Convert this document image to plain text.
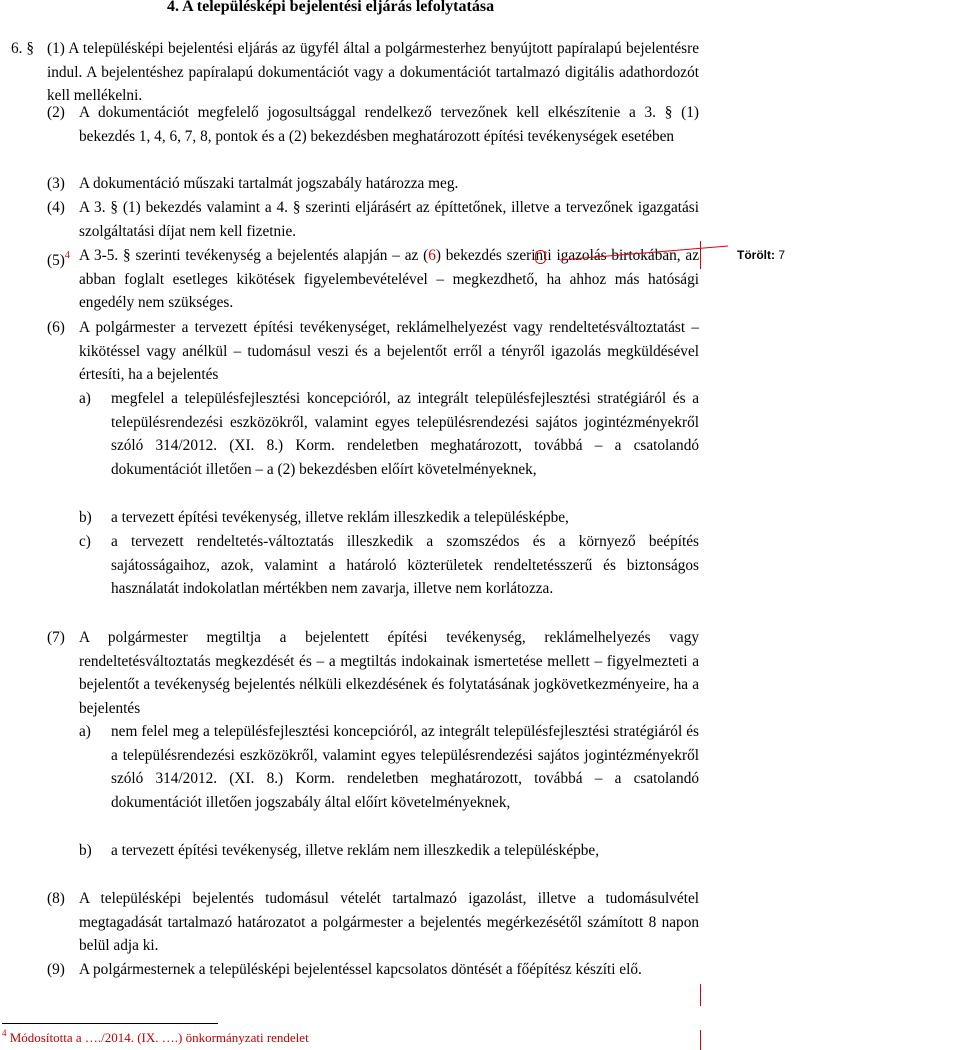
4. A településképi bejelentési eljárás lefolytatása
6. § (1) A településképi bejelentési eljárás az ügyfél által a polgármesterhez benyújtott papíralapú bejelentésre indul. A bejelentéshez papíralapú dokumentációt vagy a dokumentációt tartalmazó digitális adathordozót kell mellékelni.
(2) A dokumentációt megfelelő jogosultsággal rendelkező tervezőnek kell elkészítenie a 3. § (1) bekezdés 1, 4, 6, 7, 8, pontok és a (2) bekezdésben meghatározott építési tevékenységek esetében
(3) A dokumentáció műszaki tartalmát jogszabály határozza meg.
(4) A 3. § (1) bekezdés valamint a 4. § szerinti eljárásért az építtetőnek, illetve a tervezőnek igazgatási szolgáltatási díjat nem kell fizetnie.
$(5)^4$ A 3-5. § szerinti tevékenység a bejelentés alapján – az (6) bekezdés szerinti igazolás birtokában, az abban foglalt esetleges kikötések figyelembevételével – megkezdhető, ha ahhoz más hatósági engedély nem szükséges.
(6) A polgármester a tervezett építési tevékenységet, reklámelhelyezést vagy rendeltetésváltoztatást – kikötéssel vagy anélkül – tudomásul veszi és a bejelentőt erről a tényről igazolás megküldésével értesíti, ha a bejelentés
a) megfelel a településfejlesztési koncepcióról, az integrált településfejlesztési stratégiáról és a településrendezési eszközökről, valamint egyes településrendezési sajátos jogintézményekről szóló 314/2012. (XI. 8.) Korm. rendeletben meghatározott, továbbá – a csatolandó dokumentációt illetően – a (2) bekezdésben előírt követelményeknek,
b) a tervezett építési tevékenység, illetve reklám illeszkedik a településképbe,
c) a tervezett rendeltetés-változtatás illeszkedik a szomszédos és a környező beépítés sajátosságaihoz, azok, valamint a határoló közterületek rendeltetésszerű és biztonságos használatát indokolatlan mértékben nem zavarja, illetve nem korlátozza.
(7) A polgármester megtiltja a bejelentett építési tevékenység, reklámelhelyezés vagy rendeltetésváltoztatás megkezdését és – a megtiltás indokainak ismertetése mellett – figyelmezteti a bejelentőt a tevékenység bejelentés nélküli elkezdésének és folytatásának jogkövetkezményeire, ha a bejelentés
a) nem felel meg a településfejlesztési koncepcióról, az integrált településfejlesztési stratégiáról és a településrendezési eszközökről, valamint egyes településrendezési sajátos jogintézményekről szóló 314/2012. (XI. 8.) Korm. rendeletben meghatározott, továbbá – a csatolandó dokumentációt illetően jogszabály által előírt követelményeknek,
b) a tervezett építési tevékenység, illetve reklám nem illeszkedik a településképbe,
(8) A településképi bejelentés tudomásul vételét tartalmazó igazolást, illetve a tudomásulvétel megtagadását tartalmazó határozatot a polgármester a bejelentés megérkezésétől számított 8 napon belül adja ki.
(9) A polgármesternek a településképi bejelentéssel kapcsolatos döntését a főépítész készíti elő.
$^4$ Módosította a …./2014. (IX. ….) önkormányzati rendelet
Törölt: 7
